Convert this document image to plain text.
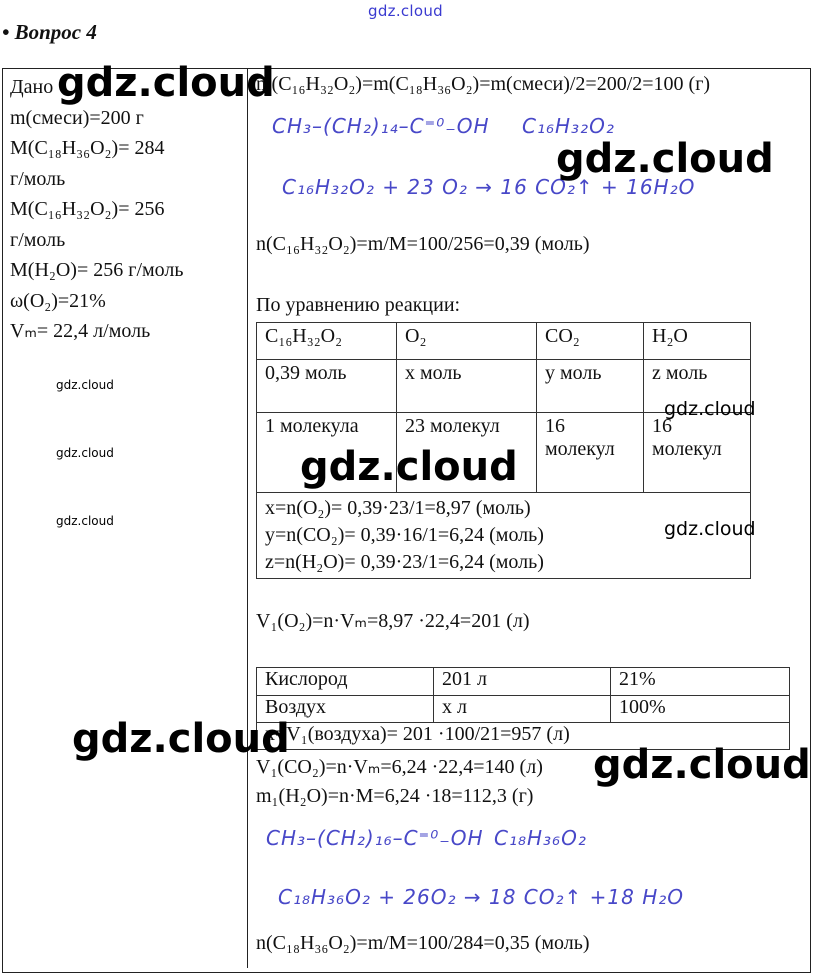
gdz.cloud
• Вопрос 4
Дано
m(смеси)=200 г
M(C₁₈H₃₆O₂)= 284
г/моль
M(C₁₆H₃₂O₂)= 256
г/моль
M(H₂O)= 256 г/моль
ω(O₂)=21%
Vₘ= 22,4 л/моль
m(C₁₆H₃₂O₂)=m(C₁₈H₃₆O₂)=m(смеси)/2=200/2=100 (г)
CH₃–(CH₂)₁₄–C⁼⁰₋OH C₁₆H₃₂O₂
C₁₆H₃₂O₂ + 23 O₂ → 16 CO₂↑ + 16H₂O
n(C₁₆H₃₂O₂)=m/M=100/256=0,39 (моль)
По уравнению реакции:
C₁₆H₃₂O₂	O₂	CO₂	H₂O
0,39 моль	x моль	y моль	z моль
1 молекула	23 молекул	16 молекул	16 молекул

x=n(O₂)= 0,39·23/1=8,97 (моль)
y=n(CO₂)= 0,39·16/1=6,24 (моль)
z=n(H₂O)= 0,39·23/1=6,24 (моль)			
V₁(O₂)=n·Vₘ=8,97 ·22,4=201 (л)
Кислород	201 л	21%
Воздух	x л	100%
x=V₁(воздуха)= 201 ·100/21=957 (л)		
V₁(CO₂)=n·Vₘ=6,24 ·22,4=140 (л)
m₁(H₂O)=n·M=6,24 ·18=112,3 (г)
CH₃–(CH₂)₁₆–C⁼⁰₋OH C₁₈H₃₆O₂
C₁₈H₃₆O₂ + 26O₂ → 18 CO₂↑ +18 H₂O
n(C₁₈H₃₆O₂)=m/M=100/284=0,35 (моль)
gdz.cloud
gdz.cloud
gdz.cloud
gdz.cloud
gdz.cloud
gdz.cloud
gdz.cloud
gdz.cloud
gdz.cloud
gdz.cloud
